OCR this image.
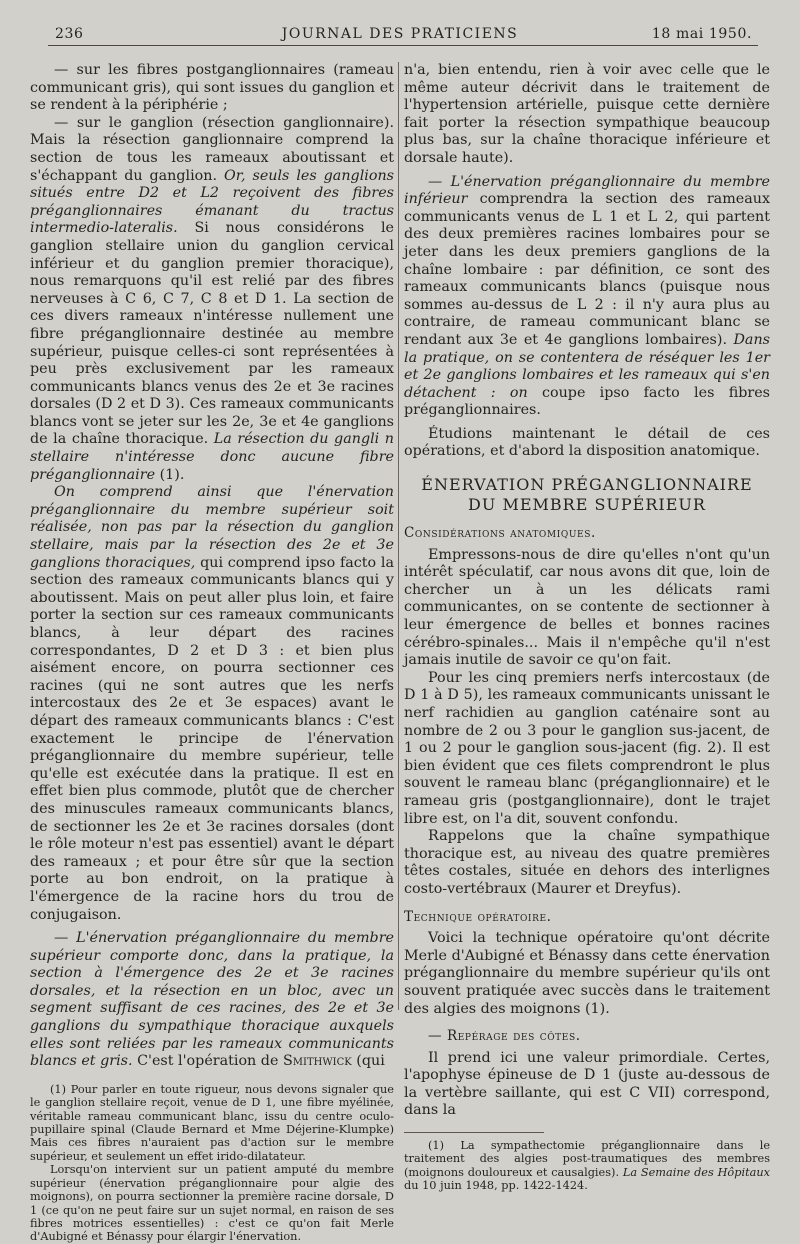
236	JOURNAL DES PRATICIENS	18 mai 1950.

— sur les fibres postganglionnaires (rameau communicant gris), qui sont issues du ganglion et se rendent à la périphérie ;

— sur le ganglion (résection ganglionnaire). Mais la résection ganglionnaire comprend la section de tous les rameaux aboutissant et s'échappant du ganglion. Or, seuls les ganglions situés entre D2 et L2 reçoivent des fibres préganglionnaires émanant du tractus intermedio-lateralis. Si nous considérons le ganglion stellaire union du ganglion cervical inférieur et du ganglion premier thoracique), nous remarquons qu'il est relié par des fibres nerveuses à C 6, C 7, C 8 et D 1. La section de ces divers rameaux n'intéresse nullement une fibre préganglionnaire destinée au membre supérieur, puisque celles-ci sont représentées à peu près exclusivement par les rameaux communicants blancs venus des 2e et 3e racines dorsales (D 2 et D 3). Ces rameaux communicants blancs vont se jeter sur les 2e, 3e et 4e ganglions de la chaîne thoracique. La résection du gangli n stellaire n'intéresse donc aucune fibre préganglionnaire (1).

On comprend ainsi que l'énervation préganglionnaire du membre supérieur soit réalisée, non pas par la résection du ganglion stellaire, mais par la résection des 2e et 3e ganglions thoraciques, qui comprend ipso facto la section des rameaux communicants blancs qui y aboutissent. Mais on peut aller plus loin, et faire porter la section sur ces rameaux communicants blancs, à leur départ des racines correspondantes, D 2 et D 3 : et bien plus aisément encore, on pourra sectionner ces racines (qui ne sont autres que les nerfs intercostaux des 2e et 3e espaces) avant le départ des rameaux communicants blancs : C'est exactement le principe de l'énervation préganglionnaire du membre supérieur, telle qu'elle est exécutée dans la pratique. Il est en effet bien plus commode, plutôt que de chercher des minuscules rameaux communicants blancs, de sectionner les 2e et 3e racines dorsales (dont le rôle moteur n'est pas essentiel) avant le départ des rameaux ; et pour être sûr que la section porte au bon endroit, on la pratique à l'émergence de la racine hors du trou de conjugaison.

— L'énervation préganglionnaire du membre supérieur comporte donc, dans la pratique, la section à l'émergence des 2e et 3e racines dorsales, et la résection en un bloc, avec un segment suffisant de ces racines, des 2e et 3e ganglions du sympathique thoracique auxquels elles sont reliées par les rameaux communicants blancs et gris. C'est l'opération de Smithwick (qui

(1) Pour parler en toute rigueur, nous devons signaler que le ganglion stellaire reçoit, venue de D 1, une fibre myélinée, véritable rameau communicant blanc, issu du centre oculo-pupillaire spinal (Claude Bernard et Mme Déjerine-Klumpke) Mais ces fibres n'auraient pas d'action sur le membre supérieur, et seulement un effet irido-dilatateur.

Lorsqu'on intervient sur un patient amputé du membre supérieur (énervation préganglionnaire pour algie des moignons), on pourra sectionner la première racine dorsale, D 1 (ce qu'on ne peut faire sur un sujet normal, en raison de ses fibres motrices essentielles) : c'est ce qu'on fait Merle d'Aubigné et Bénassy pour élargir l'énervation.

n'a, bien entendu, rien à voir avec celle que le même auteur décrivit dans le traitement de l'hypertension artérielle, puisque cette dernière fait porter la résection sympathique beaucoup plus bas, sur la chaîne thoracique inférieure et dorsale haute).

— L'énervation préganglionnaire du membre inférieur comprendra la section des rameaux communicants venus de L 1 et L 2, qui partent des deux premières racines lombaires pour se jeter dans les deux premiers ganglions de la chaîne lombaire : par définition, ce sont des rameaux communicants blancs (puisque nous sommes au-dessus de L 2 : il n'y aura plus au contraire, de rameau communicant blanc se rendant aux 3e et 4e ganglions lombaires). Dans la pratique, on se contentera de réséquer les 1er et 2e ganglions lombaires et les rameaux qui s'en détachent : on coupe ipso facto les fibres préganglionnaires.

Étudions maintenant le détail de ces opérations, et d'abord la disposition anatomique.

ÉNERVATION PRÉGANGLIONNAIRE
DU MEMBRE SUPÉRIEUR

Considérations anatomiques.

Empressons-nous de dire qu'elles n'ont qu'un intérêt spéculatif, car nous avons dit que, loin de chercher un à un les délicats rami communicantes, on se contente de sectionner à leur émergence de belles et bonnes racines cérébro-spinales... Mais il n'empêche qu'il n'est jamais inutile de savoir ce qu'on fait.

Pour les cinq premiers nerfs intercostaux (de D 1 à D 5), les rameaux communicants unissant le nerf rachidien au ganglion caténaire sont au nombre de 2 ou 3 pour le ganglion sus-jacent, de 1 ou 2 pour le ganglion sous-jacent (fig. 2). Il est bien évident que ces filets comprendront le plus souvent le rameau blanc (préganglionnaire) et le rameau gris (postganglionnaire), dont le trajet libre est, on l'a dit, souvent confondu.

Rappelons que la chaîne sympathique thoracique est, au niveau des quatre premières têtes costales, située en dehors des interlignes costo-vertébraux (Maurer et Dreyfus).

Technique opératoire.

Voici la technique opératoire qu'ont décrite Merle d'Aubigné et Bénassy dans cette énervation préganglionnaire du membre supérieur qu'ils ont souvent pratiquée avec succès dans le traitement des algies des moignons (1).

— Repérage des côtes.

Il prend ici une valeur primordiale. Certes, l'apophyse épineuse de D 1 (juste au-dessous de la vertèbre saillante, qui est C VII) correspond, dans la

(1) La sympathectomie préganglionnaire dans le traitement des algies post-traumatiques des membres (moignons douloureux et causalgies). La Semaine des Hôpitaux du 10 juin 1948, pp. 1422-1424.
